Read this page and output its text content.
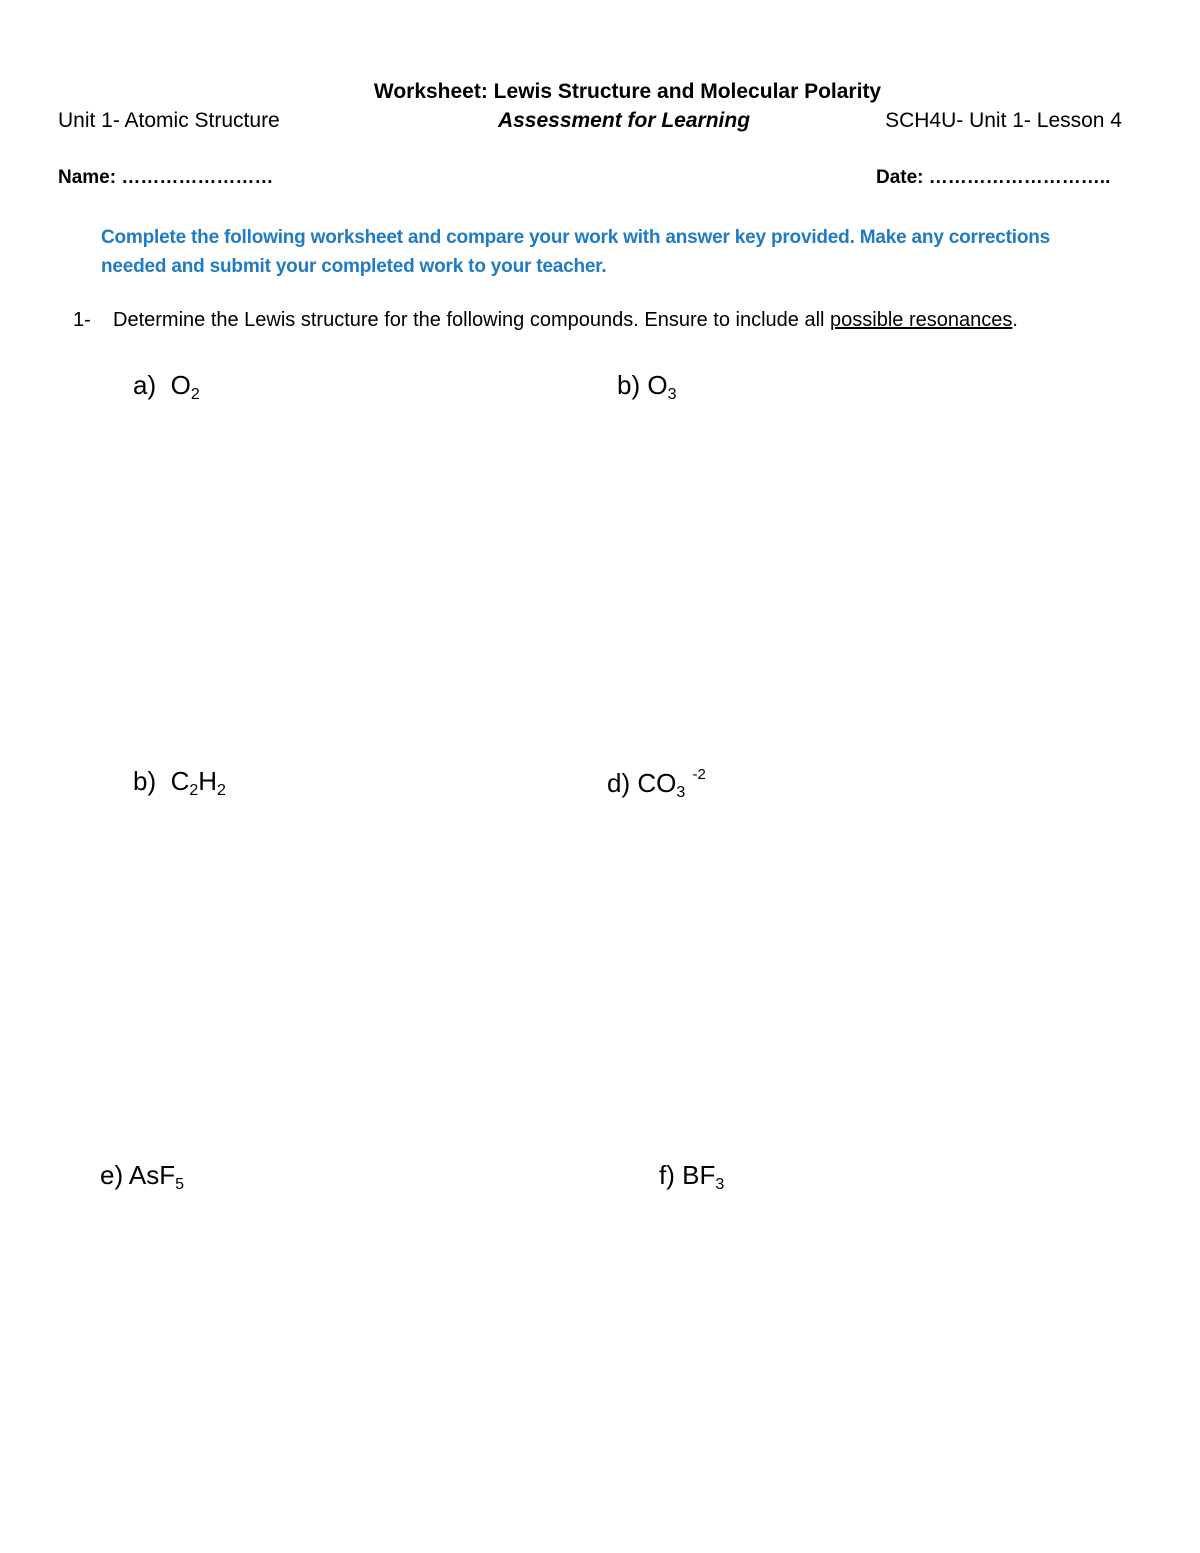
Worksheet: Lewis Structure and Molecular Polarity
Unit 1- Atomic Structure	Assessment for Learning	SCH4U- Unit 1- Lesson 4
Name: ……………………	Date: ………………………..
Complete the following worksheet and compare your work with answer key provided. Make any corrections needed and submit your completed work to your teacher.
1- Determine the Lewis structure for the following compounds. Ensure to include all possible resonances.
a) $O_2$	b) $O_3$
b) $C_2H_2$	d) $CO_3$ $^{-2}$
e) AsF$_5$	f) $BF_3$
